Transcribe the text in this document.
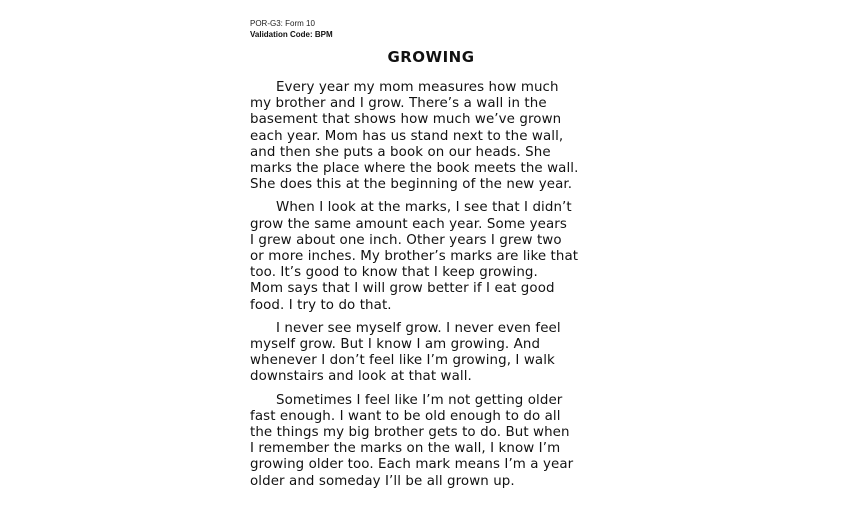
POR-G3: Form 10

Validation Code: BPM

GROWING

Every year my mom measures how much
my brother and I grow. There’s a wall in the
basement that shows how much we’ve grown
each year. Mom has us stand next to the wall,
and then she puts a book on our heads. She
marks the place where the book meets the wall.
She does this at the beginning of the new year.

When I look at the marks, I see that I didn’t
grow the same amount each year. Some years
I grew about one inch. Other years I grew two
or more inches. My brother’s marks are like that
too. It’s good to know that I keep growing.
Mom says that I will grow better if I eat good
food. I try to do that.

I never see myself grow. I never even feel
myself grow. But I know I am growing. And
whenever I don’t feel like I’m growing, I walk
downstairs and look at that wall.

Sometimes I feel like I’m not getting older
fast enough. I want to be old enough to do all
the things my big brother gets to do. But when
I remember the marks on the wall, I know I’m
growing older too. Each mark means I’m a year
older and someday I’ll be all grown up.
